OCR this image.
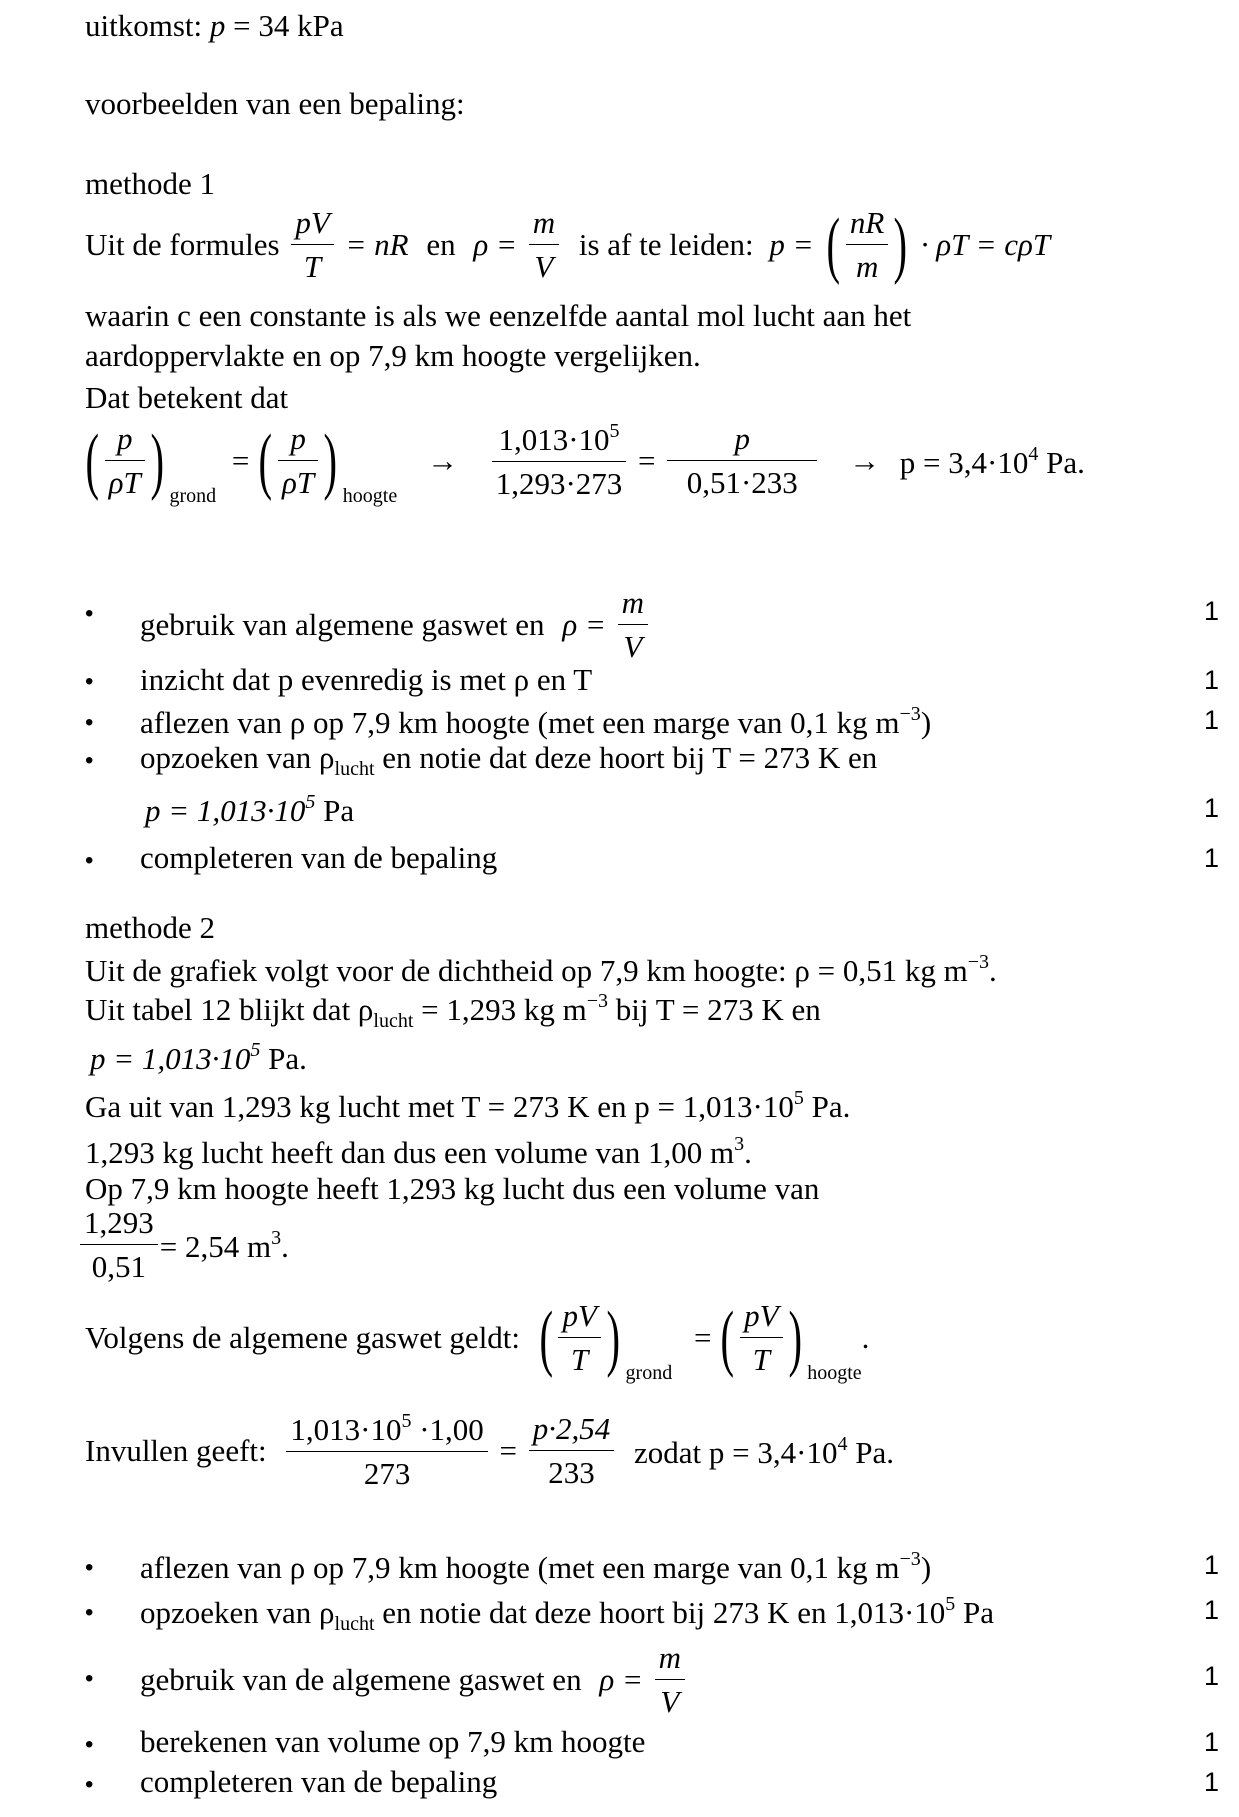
uitkomst: p = 34 kPa
voorbeelden van een bepaling:
methode 1
Uit de formules $\frac{pV}{T}$ = nR en $\rho = \frac{m}{V}$ is af te leiden: p = ( $\frac{nR}{m}$ ) · ρT = cρT
waarin c een constante is als we eenzelfde aantal mol lucht aan het
aardoppervlakte en op 7,9 km hoogte vergelijken.
Dat betekent dat
( $\frac{p}{\rho T}$ ) $_{grond}$ = ( $\frac{p}{\rho T}$ ) $_{hoogte} \to \frac{1,013\cdot 10^5}{1,293\cdot 273} = \frac{p}{0,51\cdot 233} \to p = 3,4\cdot 10^4$ Pa.
• gebruik van algemene gaswet en $\rho = \frac{m}{V}$	1
• inzicht dat p evenredig is met ρ en T	1
• aflezen van ρ op 7,9 km hoogte (met een marge van 0,1 kg $m^{-3}$)	1
• opzoeken van $\rho_{lucht}$ en notie dat deze hoort bij T = 273 K en
$p = 1,013\cdot 10^5$ Pa	1
• completeren van de bepaling	1
methode 2
Uit de grafiek volgt voor de dichtheid op 7,9 km hoogte: ρ = 0,51 kg $m^{-3}$.
Uit tabel 12 blijkt dat $\rho_{lucht} = 1,293$ kg $m^{-3}$ bij T = 273 K en
$p = 1,013\cdot 10^5$ Pa.
Ga uit van 1,293 kg lucht met T = 273 K en $p = 1,013\cdot 10^5$ Pa.
1,293 kg lucht heeft dan dus een volume van 1,00 $m^3$.
Op 7,9 km hoogte heeft 1,293 kg lucht dus een volume van
$\frac{1,293}{0,51} = 2,54$ $m^3$.
Volgens de algemene gaswet geldt: ( $\frac{pV}{T}$ ) $_{grond}$ = ( $\frac{pV}{T}$ ) $_{hoogte}$.
Invullen geeft: $\frac{1,013\cdot 10^5 \cdot 1,00}{273} = \frac{p\cdot 2,54}{233}$ zodat $p = 3,4\cdot 10^4$ Pa.
• aflezen van ρ op 7,9 km hoogte (met een marge van 0,1 kg $m^{-3}$)	1
• opzoeken van $\rho_{lucht}$ en notie dat deze hoort bij 273 K en $1,013\cdot 10^5$ Pa	1
• gebruik van de algemene gaswet en $\rho = \frac{m}{V}$	1
• berekenen van volume op 7,9 km hoogte	1
• completeren van de bepaling	1
